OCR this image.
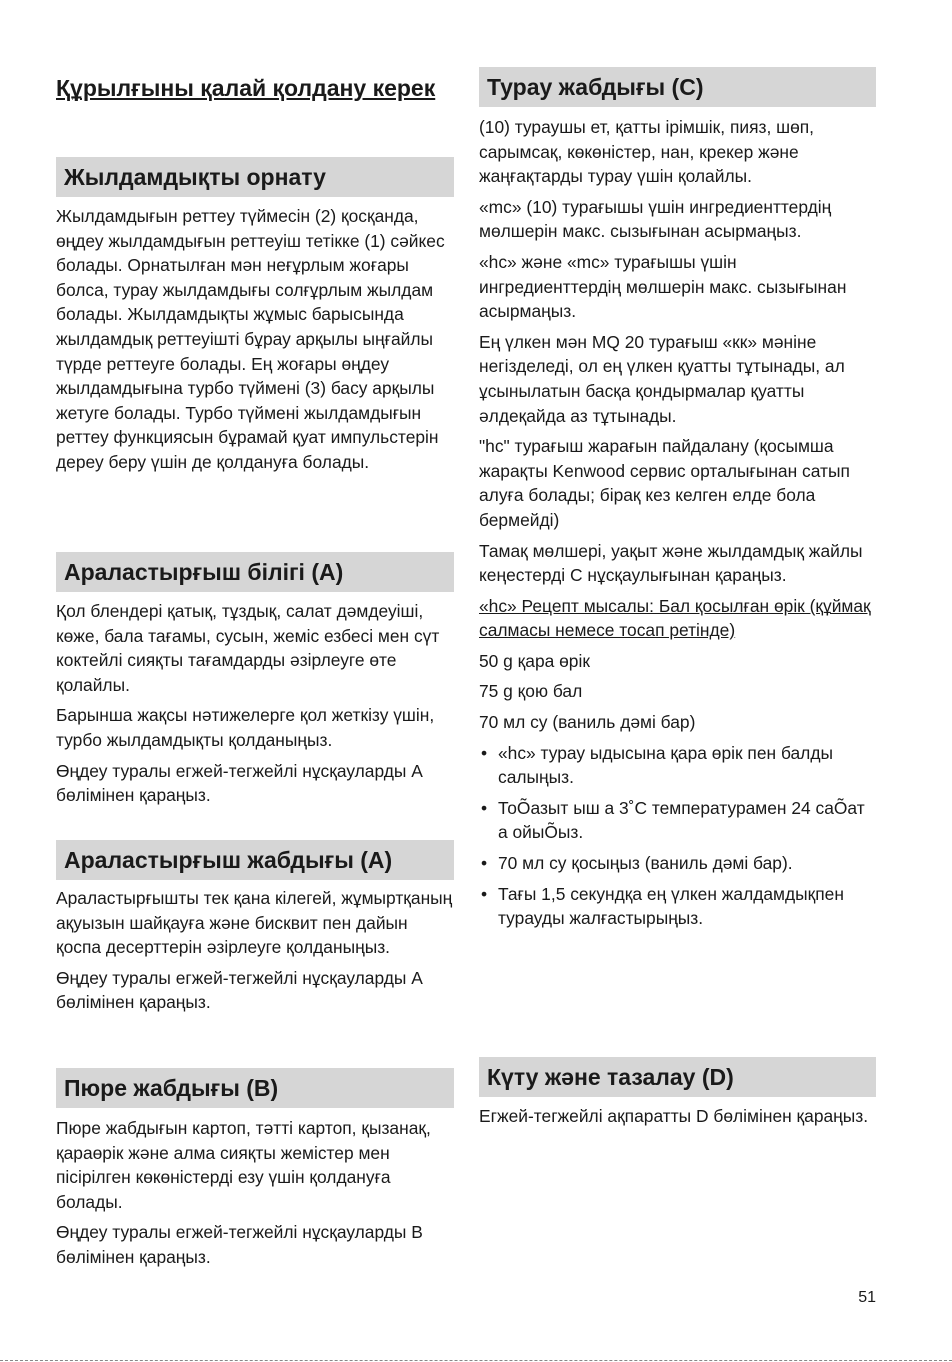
Құрылғыны қалай қолдану керек
Жылдамдықты орнату

Жылдамдығын реттеу түймесін (2) қосқанда, өңдеу жылдамдығын реттеуіш тетікке (1) сәйкес болады. Орнатылған мән неғұрлым жоғары болса, турау жылдамдығы солғұрлым жылдам болады. Жылдамдықты жұмыс барысында жылдамдық реттеуішті бұрау арқылы ыңғайлы түрде реттеуге болады. Ең жоғары өңдеу жылдамдығына турбо түймені (3) басу арқылы жетуге болады. Турбо түймені жылдамдығын реттеу функциясын бұрамай қуат импульстерін дереу беру үшін де қолдануға болады.

Араластырғыш білігі (A)

Қол блендері қатық, тұздық, салат дәмдеуіші, көже, бала тағамы, сусын, жеміс езбесі мен сүт коктейлі сияқты тағамдарды әзірлеуге өте қолайлы.

Барынша жақсы нәтижелерге қол жеткізу үшін, турбо жылдамдықты қолданыңыз.

Өңдеу туралы егжей-тегжейлі нұсқауларды A бөлімінен қараңыз.

Араластырғыш жабдығы (A)

Араластырғышты тек қана кілегей, жұмыртқаның ақуызын шайқауға және бисквит пен дайын қоспа десерттерін әзірлеуге қолданыңыз.

Өңдеу туралы егжей-тегжейлі нұсқауларды A бөлімінен қараңыз.

Пюре жабдығы (B)

Пюре жабдығын картоп, тәтті картоп, қызанақ, қараөрік және алма сияқты жемістер мен пісірілген көкөністерді езу үшін қолдануға болады.

Өңдеу туралы егжей-тегжейлі нұсқауларды B бөлімінен қараңыз.

Турау жабдығы (C)

(10) тураушы ет, қатты ірімшік, пияз, шөп, сарымсақ, көкөністер, нан, крекер және жаңғақтарды турау үшін қолайлы.

«mc» (10) турағышы үшін ингредиенттердің мөлшерін макс. сызығынан асырмаңыз.

«hc» және «mc» турағышы үшін ингредиенттердің мөлшерін макс. сызығынан асырмаңыз.

Ең үлкен мән MQ 20 турағыш «кк» мәніне негізделеді, ол ең үлкен қуатты тұтынады, ал ұсынылатын басқа қондырмалар қуатты әлдеқайда аз тұтынады.

"hc" турағыш жарағын пайдалану (қосымша жарақты Kenwood сервис орталығынан сатып алуға болады; бірақ кез келген елде бола бермейді)

Тамақ мөлшері, уақыт және жылдамдық жайлы кеңестерді C нұсқаулығынан қараңыз.

«hc» Рецепт мысалы: Бал қосылған өрік (құймақ салмасы немесе тосап ретінде)

50 g қара өрік

75 g қою бал

70 мл су (ваниль дәмі бар)

• «hc» турау ыдысына қара өрік пен балды салыңыз.
• ТоÕазыт ыш а 3˚C температурамен 24 саÕат а ойыÕыз.
• 70 мл су қосыңыз (ваниль дәмі бар).
• Тағы 1,5 секундқа ең үлкен жалдамдықпен турауды жалғастырыңыз.
Күту және тазалау (D)

Егжей-тегжейлі ақпаратты D бөлімінен қараңыз.

51
